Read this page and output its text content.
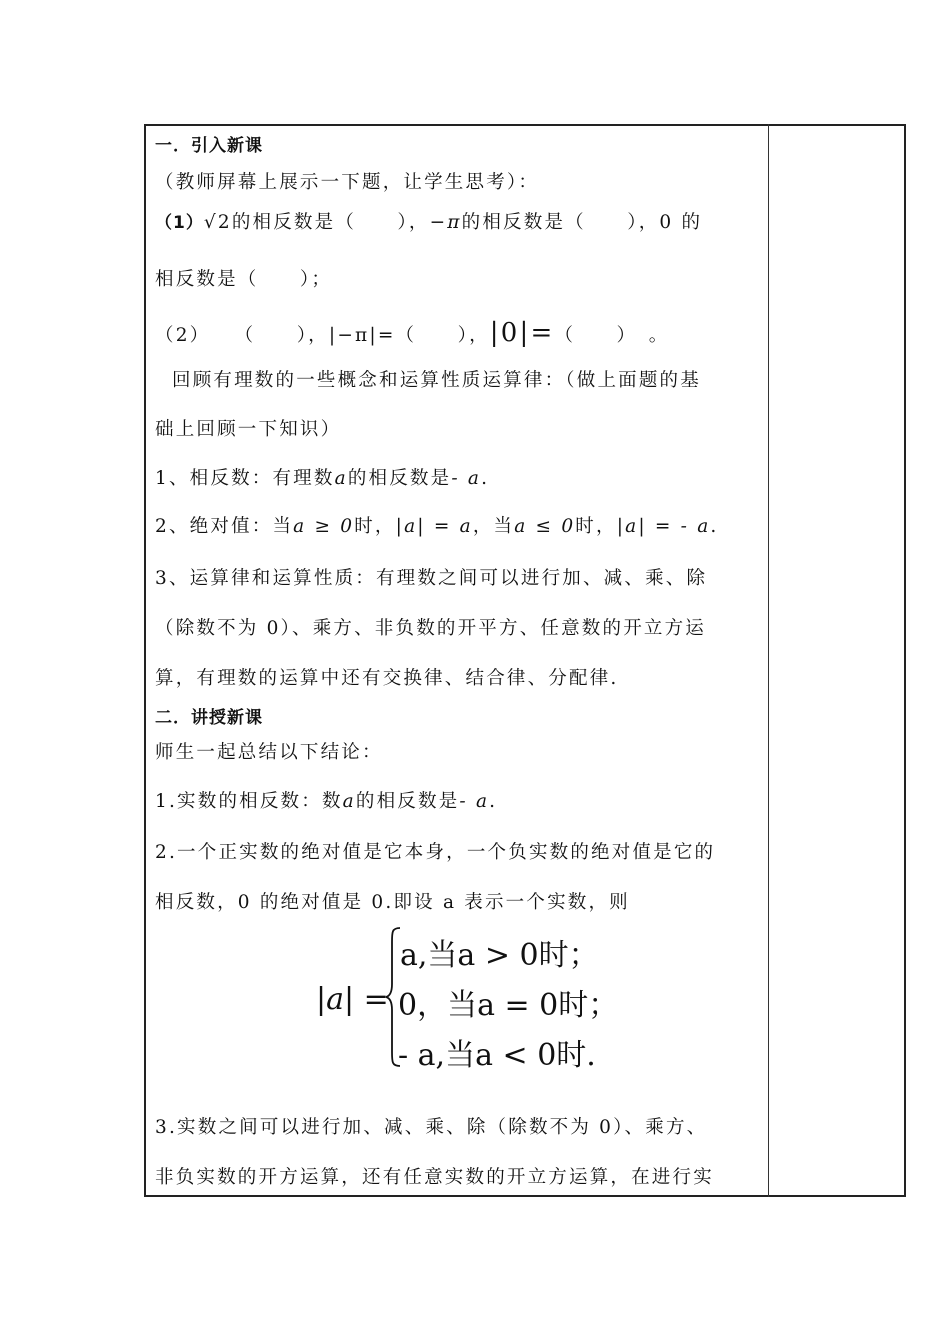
一．引入新课
（教师屏幕上展示一下题，让学生思考）：
（1）√2的相反数是（　　），−π的相反数是（　　），0 的
相反数是（　　）；
（2） （　　），|−π|=（　　），|0|=（　　）　。
回顾有理数的一些概念和运算性质运算律：（做上面题的基
础上回顾一下知识）
1、相反数：有理数a的相反数是- a.
2、绝对值：当a ≥ 0时，|a| = a，当a ≤ 0时，|a| = - a.
3、运算律和运算性质：有理数之间可以进行加、减、乘、除
（除数不为 0）、乘方、非负数的开平方、任意数的开立方运
算，有理数的运算中还有交换律、结合律、分配律.
二．讲授新课
师生一起总结以下结论：
1.实数的相反数：数a的相反数是- a.
2.一个正实数的绝对值是它本身，一个负实数的绝对值是它的
相反数，0 的绝对值是 0.即设 a 表示一个实数，则
|a| =
a,当a > 0时；
0，当a = 0时；
- a,当a < 0时.
3.实数之间可以进行加、减、乘、除（除数不为 0）、乘方、
非负实数的开方运算，还有任意实数的开立方运算，在进行实
